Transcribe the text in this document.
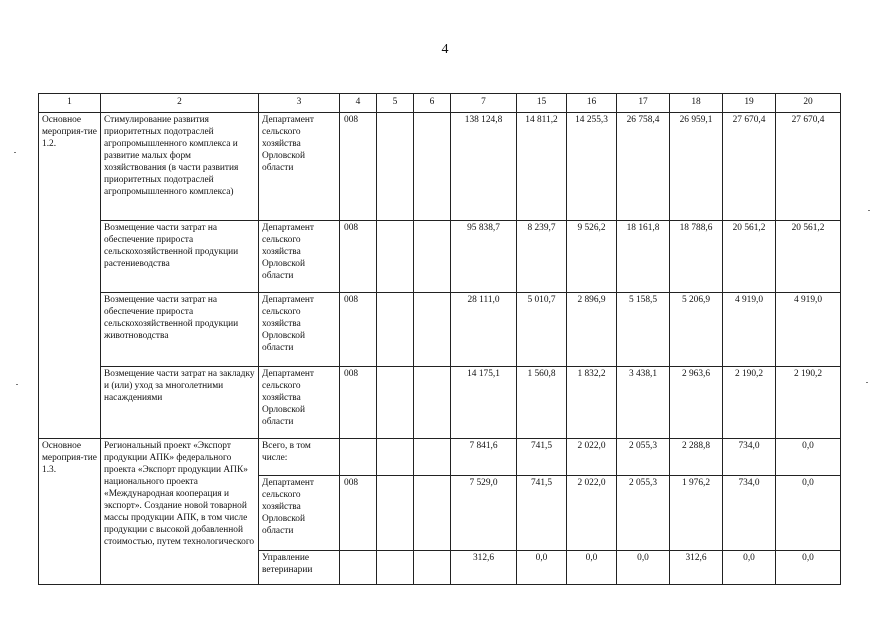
4
1	2	3	4	5	6	7	15	16	17	18	19	20
Основное мероприя-тие 1.2.	Стимулирование развития приоритетных подотраслей агропромышленного комплекса и развитие малых форм хозяйствования (в части развития приоритетных подотраслей агропромышленного комплекса)	Департамент сельского хозяйства Орловской области	008			138 124,8	14 811,2	14 255,3	26 758,4	26 959,1	27 670,4	27 670,4
	Возмещение части затрат на обеспечение прироста сельскохозяйственной продукции растениеводства	Департамент сельского хозяйства Орловской области	008			95 838,7	8 239,7	9 526,2	18 161,8	18 788,6	20 561,2	20 561,2
	Возмещение части затрат на обеспечение прироста сельскохозяйственной продукции животноводства	Департамент сельского хозяйства Орловской области	008			28 111,0	5 010,7	2 896,9	5 158,5	5 206,9	4 919,0	4 919,0
	Возмещение части затрат на закладку и (или) уход за многолетними насаждениями	Департамент сельского хозяйства Орловской области	008			14 175,1	1 560,8	1 832,2	3 438,1	2 963,6	2 190,2	2 190,2
Основное мероприя-тие 1.3.	Региональный проект «Экспорт продукции АПК» федерального проекта «Экспорт продукции АПК» национального проекта «Международная кооперация и экспорт». Создание новой товарной массы продукции АПК, в том числе продукции с высокой добавленной стоимостью, путем технологического	Всего, в том числе:				7 841,6	741,5	2 022,0	2 055,3	2 288,8	734,0	0,0
		Департамент сельского хозяйства Орловской области	008			7 529,0	741,5	2 022,0	2 055,3	1 976,2	734,0	0,0
		Управление ветеринарии				312,6	0,0	0,0	0,0	312,6	0,0	0,0
